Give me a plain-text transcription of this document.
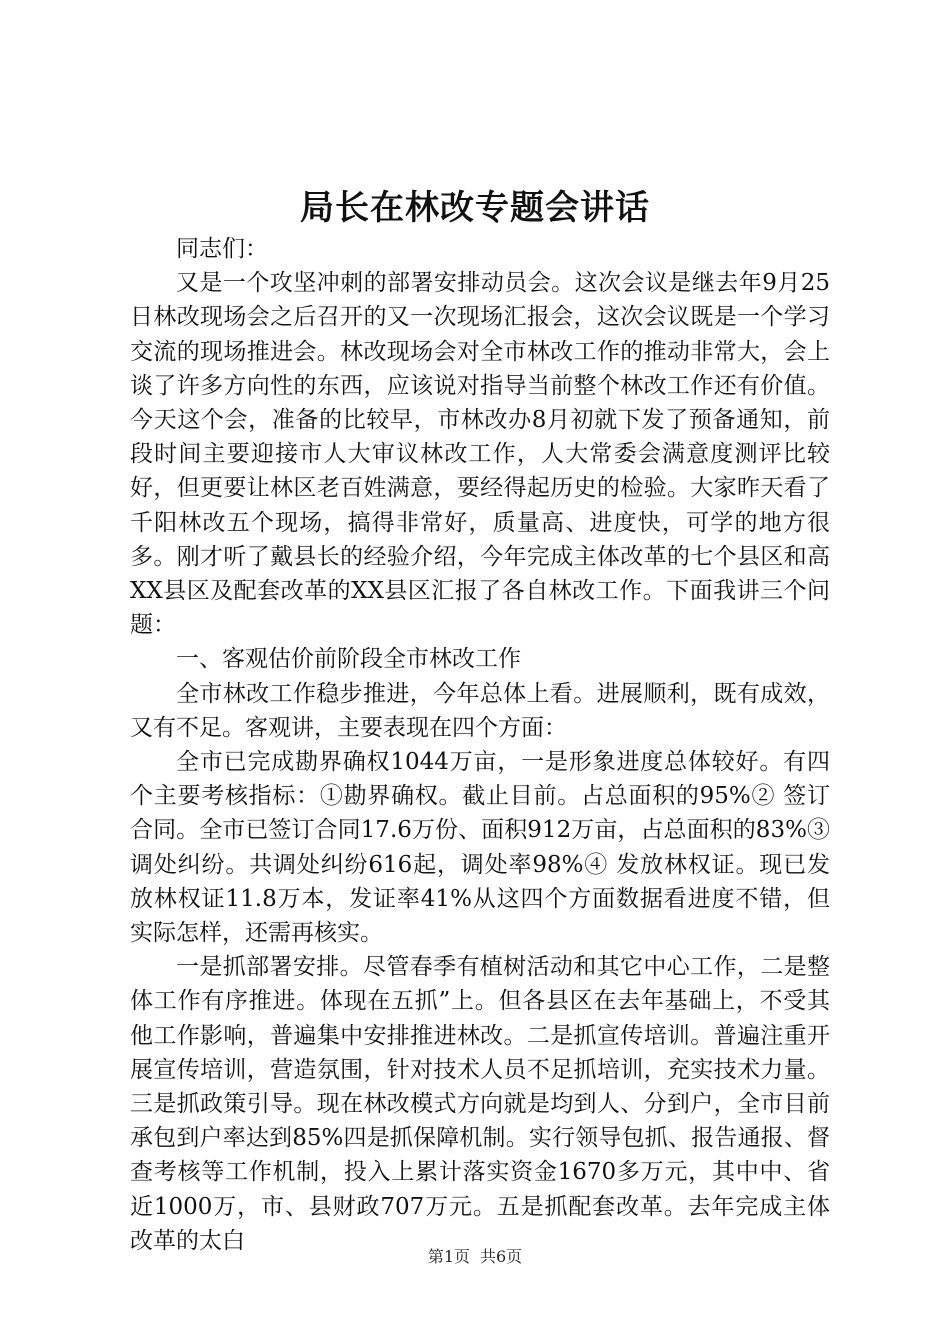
局长在林改专题会讲话

同志们：

又是一个攻坚冲刺的部署安排动员会。这次会议是继去年9月25日林改现场会之后召开的又一次现场汇报会，这次会议既是一个学习交流的现场推进会。林改现场会对全市林改工作的推动非常大，会上谈了许多方向性的东西，应该说对指导当前整个林改工作还有价值。今天这个会，准备的比较早，市林改办8月初就下发了预备通知，前段时间主要迎接市人大审议林改工作，人大常委会满意度测评比较好，但更要让林区老百姓满意，要经得起历史的检验。大家昨天看了千阳林改五个现场，搞得非常好，质量高、进度快，可学的地方很多。刚才听了戴县长的经验介绍，今年完成主体改革的七个县区和高XX县区及配套改革的XX县区汇报了各自林改工作。下面我讲三个问题：

一、客观估价前阶段全市林改工作

全市林改工作稳步推进，今年总体上看。进展顺利，既有成效，又有不足。客观讲，主要表现在四个方面：

全市已完成勘界确权1044万亩，一是形象进度总体较好。有四个主要考核指标：①勘界确权。截止目前。占总面积的95%② 签订合同。全市已签订合同17.6万份、面积912万亩，占总面积的83%③ 调处纠纷。共调处纠纷616起，调处率98%④ 发放林权证。现已发放林权证11.8万本，发证率41%从这四个方面数据看进度不错，但实际怎样，还需再核实。

一是抓部署安排。尽管春季有植树活动和其它中心工作，二是整体工作有序推进。体现在五抓”上。但各县区在去年基础上，不受其他工作影响，普遍集中安排推进林改。二是抓宣传培训。普遍注重开展宣传培训，营造氛围，针对技术人员不足抓培训，充实技术力量。三是抓政策引导。现在林改模式方向就是均到人、分到户，全市目前承包到户率达到85%四是抓保障机制。实行领导包抓、报告通报、督查考核等工作机制，投入上累计落实资金1670多万元，其中中、省近1000万，市、县财政707万元。五是抓配套改革。去年完成主体改革的太白

第1页 共6页
